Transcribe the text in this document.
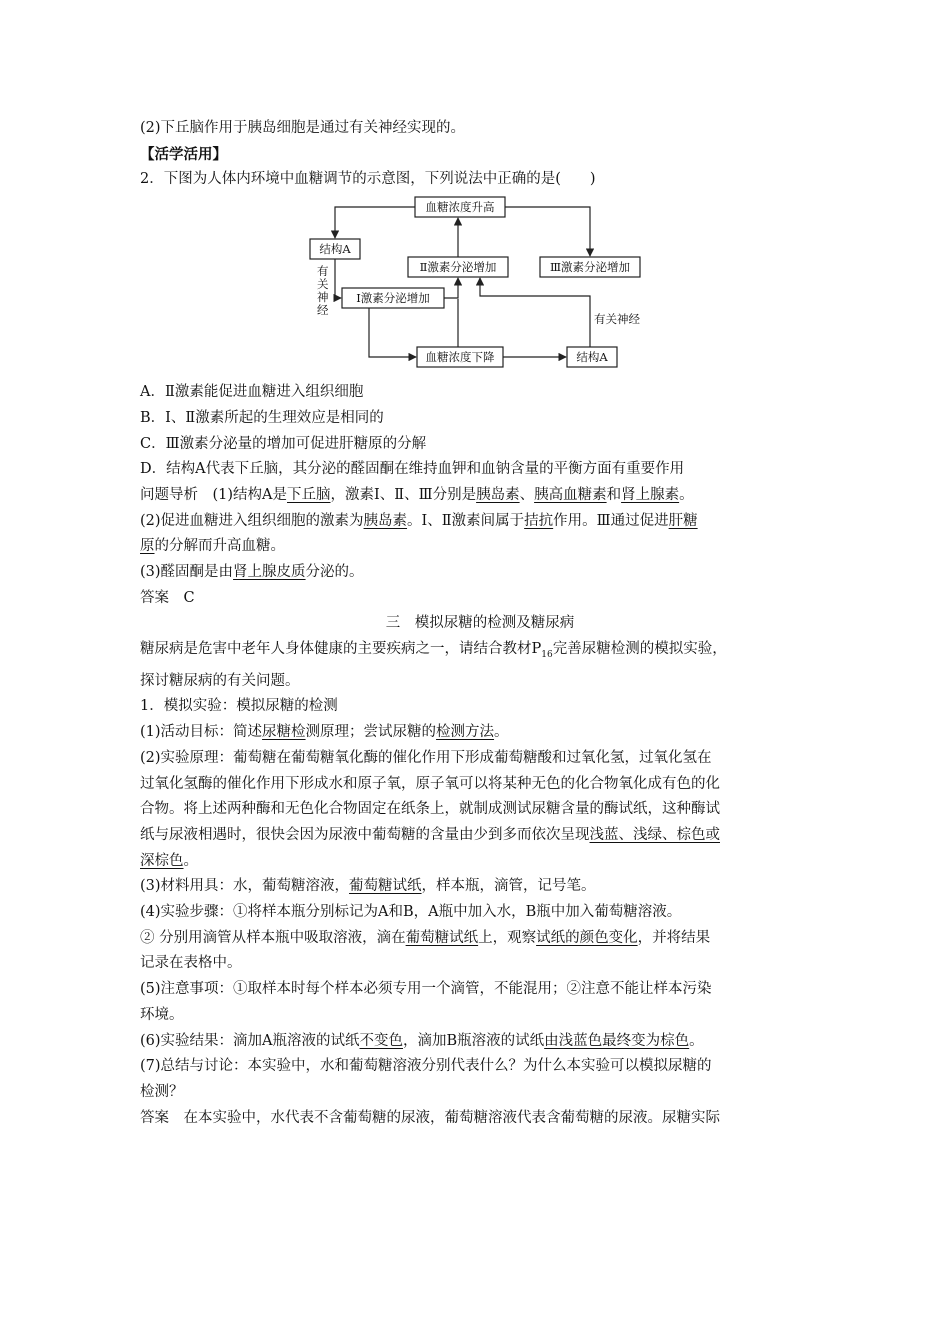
(2)下丘脑作用于胰岛细胞是通过有关神经实现的。
【活学活用】
2．下图为人体内环境中血糖调节的示意图，下列说法中正确的是(　　)
血糖浓度升高
结构A
Ⅱ激素分泌增加	Ⅲ激素分泌增加
Ⅰ激素分泌增加
血糖浓度下降	结构A
有
关
神
经
有关神经
A．Ⅱ激素能促进血糖进入组织细胞
B．Ⅰ、Ⅱ激素所起的生理效应是相同的
C．Ⅲ激素分泌量的增加可促进肝糖原的分解
D．结构A代表下丘脑，其分泌的醛固酮在维持血钾和血钠含量的平衡方面有重要作用
问题导析　(1)结构A是下丘脑，激素Ⅰ、Ⅱ、Ⅲ分别是胰岛素、胰高血糖素和肾上腺素。
(2)促进血糖进入组织细胞的激素为胰岛素。Ⅰ、Ⅱ激素间属于拮抗作用。Ⅲ通过促进肝糖
原的分解而升高血糖。
(3)醛固酮是由肾上腺皮质分泌的。
答案　C
三　模拟尿糖的检测及糖尿病
糖尿病是危害中老年人身体健康的主要疾病之一，请结合教材$P_{16}$完善尿糖检测的模拟实验，
探讨糖尿病的有关问题。
1．模拟实验：模拟尿糖的检测
(1)活动目标：简述尿糖检测原理；尝试尿糖的检测方法。
(2)实验原理：葡萄糖在葡萄糖氧化酶的催化作用下形成葡萄糖酸和过氧化氢，过氧化氢在
过氧化氢酶的催化作用下形成水和原子氧，原子氧可以将某种无色的化合物氧化成有色的化
合物。将上述两种酶和无色化合物固定在纸条上，就制成测试尿糖含量的酶试纸，这种酶试
纸与尿液相遇时，很快会因为尿液中葡萄糖的含量由少到多而依次呈现浅蓝、浅绿、棕色或
深棕色。
(3)材料用具：水，葡萄糖溶液，葡萄糖试纸，样本瓶，滴管，记号笔。
(4)实验步骤：①将样本瓶分别标记为A和B，A瓶中加入水，B瓶中加入葡萄糖溶液。
② 分别用滴管从样本瓶中吸取溶液，滴在葡萄糖试纸上，观察试纸的颜色变化，并将结果
记录在表格中。
(5)注意事项：①取样本时每个样本必须专用一个滴管，不能混用；②注意不能让样本污染
环境。
(6)实验结果：滴加A瓶溶液的试纸不变色，滴加B瓶溶液的试纸由浅蓝色最终变为棕色。
(7)总结与讨论：本实验中，水和葡萄糖溶液分别代表什么？为什么本实验可以模拟尿糖的
检测？
答案　在本实验中，水代表不含葡萄糖的尿液，葡萄糖溶液代表含葡萄糖的尿液。尿糖实际
